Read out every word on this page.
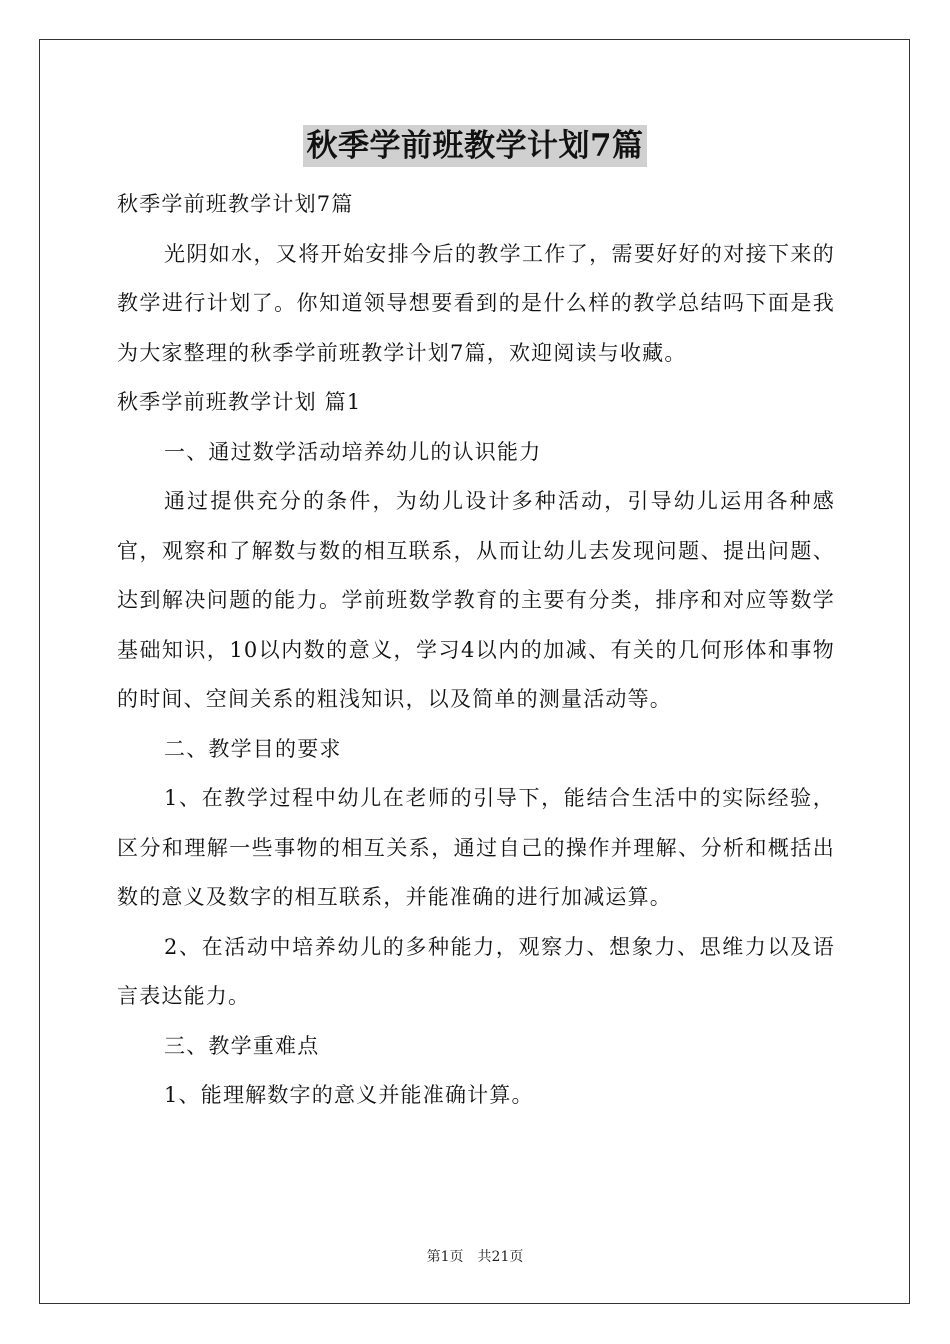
秋季学前班教学计划7篇

秋季学前班教学计划7篇

光阴如水，又将开始安排今后的教学工作了，需要好好的对接下来的教学进行计划了。你知道领导想要看到的是什么样的教学总结吗下面是我为大家整理的秋季学前班教学计划7篇，欢迎阅读与收藏。

秋季学前班教学计划 篇1

一、通过数学活动培养幼儿的认识能力

通过提供充分的条件，为幼儿设计多种活动，引导幼儿运用各种感官，观察和了解数与数的相互联系，从而让幼儿去发现问题、提出问题、达到解决问题的能力。学前班数学教育的主要有分类，排序和对应等数学基础知识，10以内数的意义，学习4以内的加减、有关的几何形体和事物的时间、空间关系的粗浅知识，以及简单的测量活动等。

二、教学目的要求

1、在教学过程中幼儿在老师的引导下，能结合生活中的实际经验，区分和理解一些事物的相互关系，通过自己的操作并理解、分析和概括出数的意义及数字的相互联系，并能准确的进行加减运算。

2、在活动中培养幼儿的多种能力，观察力、想象力、思维力以及语言表达能力。

三、教学重难点

1、能理解数字的意义并能准确计算。

第1页 共21页
